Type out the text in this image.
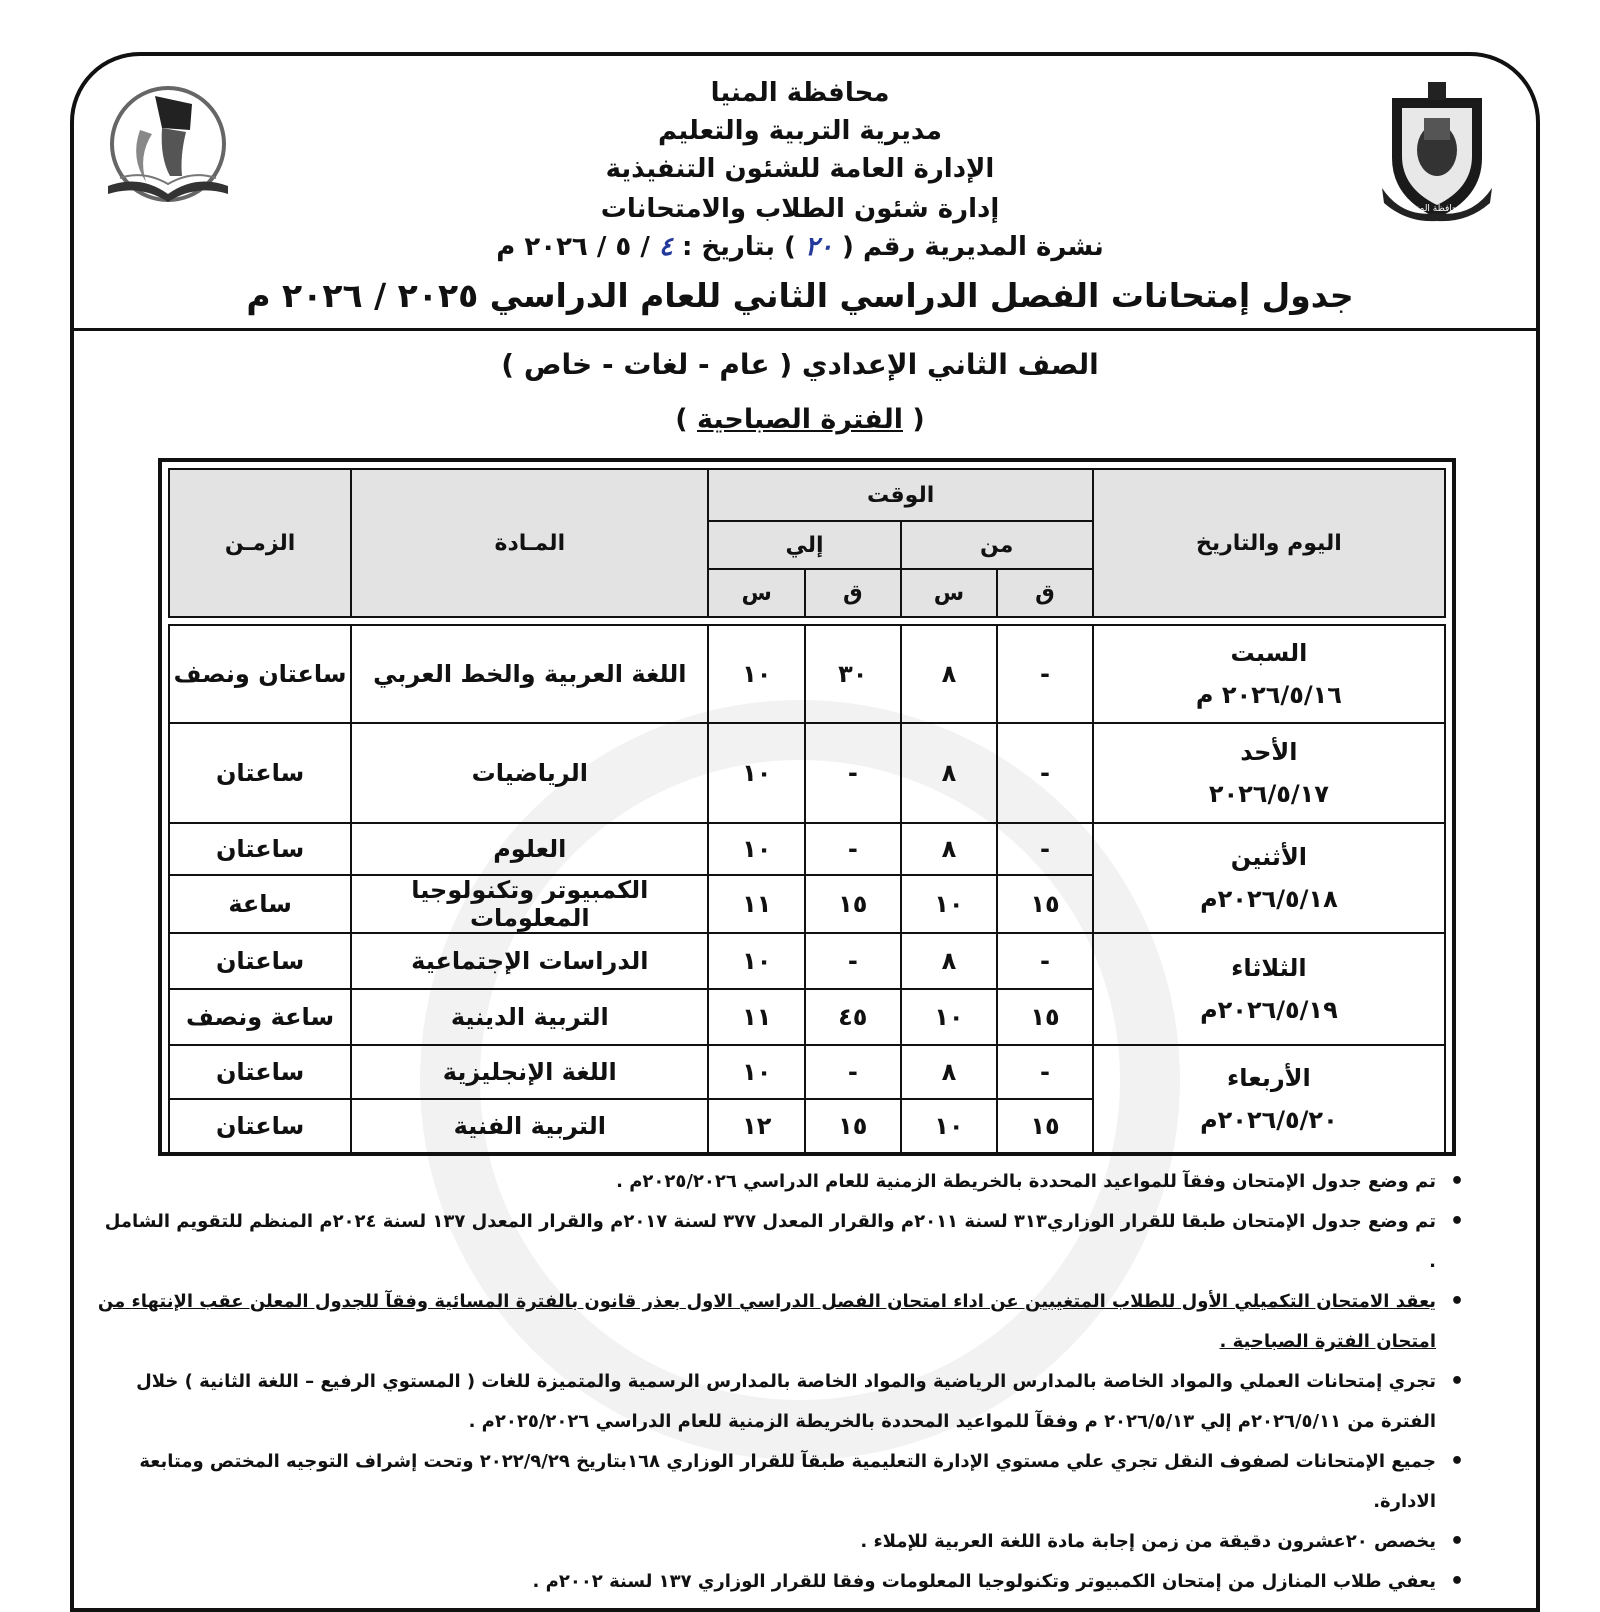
محافظة المنيا
محافظة المنيا
مديرية التربية والتعليم
الإدارة العامة للشئون التنفيذية
إدارة شئون الطلاب والامتحانات
نشرة المديرية رقم ( ٢٠ ) بتاريخ : ٤ / ٥ / ٢٠٢٦ م
جدول إمتحانات الفصل الدراسي الثاني للعام الدراسي ٢٠٢٥ / ٢٠٢٦ م
الصف الثاني الإعدادي ( عام - لغات - خاص )
( الفترة الصباحية )
اليوم والتاريخ	الوقت				المـادة	الزمـن
	من		إلي			
	ق	س	ق	س		

السبت
٢٠٢٦/٥/١٦ م	-	٨	٣٠	١٠	اللغة العربية والخط العربي	ساعتان ونصف

الأحد
٢٠٢٦/٥/١٧	-	٨	-	١٠	الرياضيات	ساعتان

الأثنين
٢٠٢٦/٥/١٨م	-	٨	-	١٠	العلوم	ساعتان
	١٥	١٠	١٥	١١	الكمبيوتر وتكنولوجيا المعلومات	ساعة

الثلاثاء
٢٠٢٦/٥/١٩م	-	٨	-	١٠	الدراسات الإجتماعية	ساعتان
	١٥	١٠	٤٥	١١	التربية الدينية	ساعة ونصف

الأربعاء
٢٠٢٦/٥/٢٠م	-	٨	-	١٠	اللغة الإنجليزية	ساعتان
	١٥	١٠	١٥	١٢	التربية الفنية	ساعتان
• تم وضع جدول الإمتحان وفقآ للمواعيد المحددة بالخريطة الزمنية للعام الدراسي ٢٠٢٥/٢٠٢٦م .
• تم وضع جدول الإمتحان طبقا للقرار الوزاري٣١٣ لسنة ٢٠١١م والقرار المعدل ٣٧٧ لسنة ٢٠١٧م والقرار المعدل ١٣٧ لسنة ٢٠٢٤م المنظم للتقويم الشامل .
• يعقد الامتحان التكميلي الأول للطلاب المتغيبين عن اداء امتحان الفصل الدراسي الاول بعذر قانون بالفترة المسائية وفقآ للجدول المعلن عقب الإنتهاء من امتحان الفترة الصباحية .
• تجري إمتحانات العملي والمواد الخاصة بالمدارس الرياضية والمواد الخاصة بالمدارس الرسمية والمتميزة للغات ( المستوي الرفيع – اللغة الثانية ) خلال الفترة من ٢٠٢٦/٥/١١م إلي ٢٠٢٦/٥/١٣ م وفقآ للمواعيد المحددة بالخريطة الزمنية للعام الدراسي ٢٠٢٥/٢٠٢٦م .
• جميع الإمتحانات لصفوف النقل تجري علي مستوي الإدارة التعليمية طبقآ للقرار الوزاري ١٦٨بتاريخ ٢٠٢٢/٩/٢٩ وتحت إشراف التوجيه المختص ومتابعة الادارة.
• يخصص ٢٠عشرون دقيقة من زمن إجابة مادة اللغة العربية للإملاء .
• يعفي طلاب المنازل من إمتحان الكمبيوتر وتكنولوجيا المعلومات وفقا للقرار الوزاري ١٣٧ لسنة ٢٠٠٢م .
